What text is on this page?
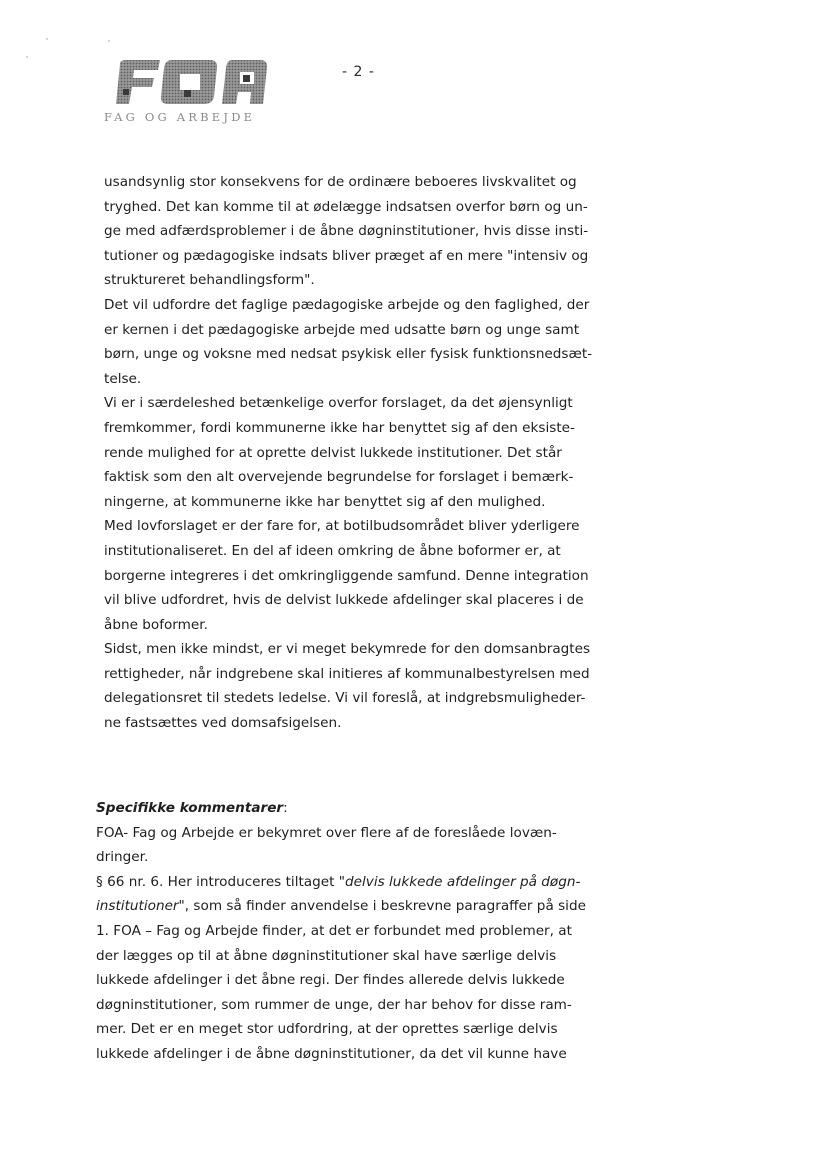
FAG OG ARBEJDE
- 2 -

usandsynlig stor konsekvens for de ordinære beboeres livskvalitet og

tryghed. Det kan komme til at ødelægge indsatsen overfor børn og un-

ge med adfærdsproblemer i de åbne døgninstitutioner, hvis disse insti-

tutioner og pædagogiske indsats bliver præget af en mere "intensiv og

struktureret behandlingsform".

Det vil udfordre det faglige pædagogiske arbejde og den faglighed, der

er kernen i det pædagogiske arbejde med udsatte børn og unge samt

børn, unge og voksne med nedsat psykisk eller fysisk funktionsnedsæt-

telse.

Vi er i særdeleshed betænkelige overfor forslaget, da det øjensynligt

fremkommer, fordi kommunerne ikke har benyttet sig af den eksiste-

rende mulighed for at oprette delvist lukkede institutioner. Det står

faktisk som den alt overvejende begrundelse for forslaget i bemærk-

ningerne, at kommunerne ikke har benyttet sig af den mulighed.

Med lovforslaget er der fare for, at botilbudsområdet bliver yderligere

institutionaliseret. En del af ideen omkring de åbne boformer er, at

borgerne integreres i det omkringliggende samfund. Denne integration

vil blive udfordret, hvis de delvist lukkede afdelinger skal placeres i de

åbne boformer.

Sidst, men ikke mindst, er vi meget bekymrede for den domsanbragtes

rettigheder, når indgrebene skal initieres af kommunalbestyrelsen med

delegationsret til stedets ledelse. Vi vil foreslå, at indgrebsmuligheder-

ne fastsættes ved domsafsigelsen.

Specifikke kommentarer:

FOA- Fag og Arbejde er bekymret over flere af de foreslåede lovæn-

dringer.

§ 66 nr. 6. Her introduceres tiltaget "delvis lukkede afdelinger på døgn-

institutioner", som så finder anvendelse i beskrevne paragraffer på side

1. FOA – Fag og Arbejde finder, at det er forbundet med problemer, at

der lægges op til at åbne døgninstitutioner skal have særlige delvis

lukkede afdelinger i det åbne regi. Der findes allerede delvis lukkede

døgninstitutioner, som rummer de unge, der har behov for disse ram-

mer. Det er en meget stor udfordring, at der oprettes særlige delvis

lukkede afdelinger i de åbne døgninstitutioner, da det vil kunne have
